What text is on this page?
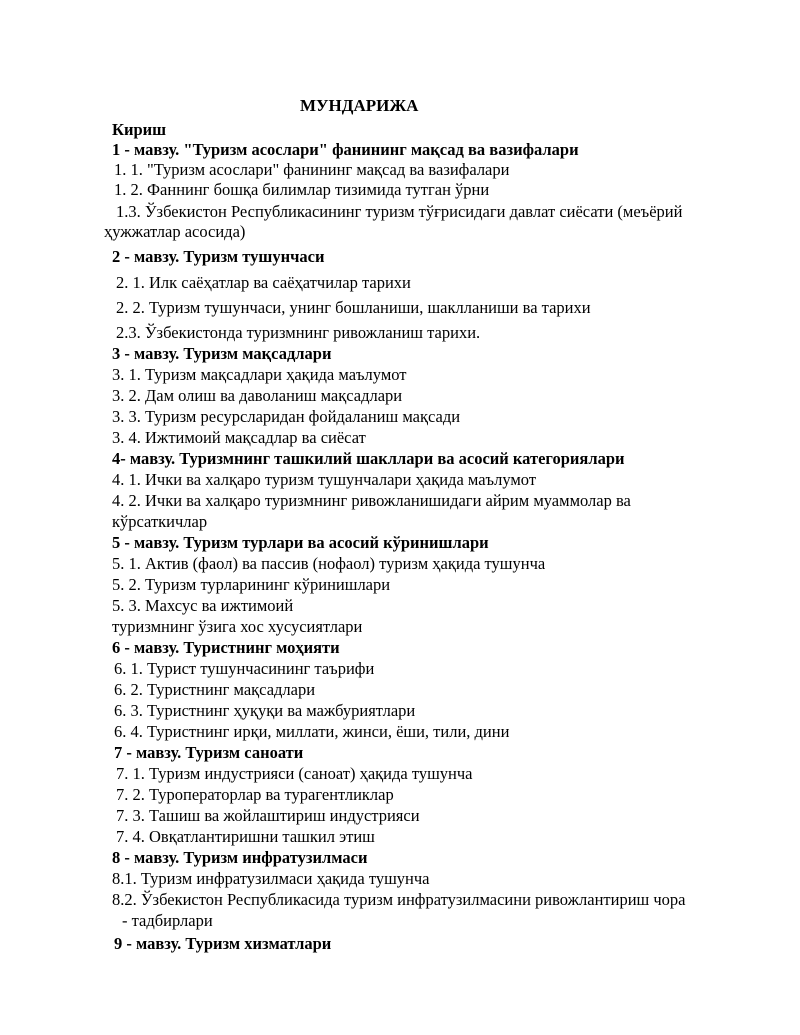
МУНДАРИЖА
Кириш
1 - мавзу. "Туризм асослари" фанининг мақсад ва вазифалари
1. 1. "Туризм асослари" фанининг мақсад ва вазифалари
1. 2. Фаннинг бошқа билимлар тизимида тутган ўрни
1.3. Ўзбекистон Республикасининг туризм тўғрисидаги давлат сиёсати (меъёрий
ҳужжатлар асосида)
2 - мавзу. Туризм тушунчаси
2. 1. Илк саёҳатлар ва саёҳатчилар тарихи
2. 2. Туризм тушунчаси, унинг бошланиши, шаклланиши ва тарихи
2.3. Ўзбекистонда туризмнинг ривожланиш тарихи.
3 - мавзу. Туризм мақсадлари
3. 1. Туризм мақсадлари ҳақида маълумот
3. 2. Дам олиш ва даволаниш мақсадлари
3. 3. Туризм ресурсларидан фойдаланиш мақсади
3. 4. Ижтимоий мақсадлар ва сиёсат
4- мавзу. Туризмнинг ташкилий шакллари ва асосий категориялари
4. 1. Ички ва халқаро туризм тушунчалари ҳақида маълумот
4. 2. Ички ва халқаро туризмнинг ривожланишидаги айрим муаммолар ва
кўрсаткичлар
5 - мавзу. Туризм турлари ва асосий кўринишлари
5. 1. Актив (фаол) ва пассив (нофаол) туризм ҳақида тушунча
5. 2. Туризм турларининг кўринишлари
5. 3. Махсус ва ижтимоий
туризмнинг ўзига хос хусусиятлари
6 - мавзу. Туристнинг моҳияти
6. 1. Турист тушунчасининг таърифи
6. 2. Туристнинг мақсадлари
6. 3. Туристнинг ҳуқуқи ва мажбуриятлари
6. 4. Туристнинг ирқи, миллати, жинси, ёши, тили, дини
7 - мавзу. Туризм саноати
7. 1. Туризм индустрияси (саноат) ҳақида тушунча
7. 2. Туроператорлар ва турагентликлар
7. 3. Ташиш ва жойлаштириш индустрияси
7. 4. Овқатлантиришни ташкил этиш
8 - мавзу. Туризм инфратузилмаси
8.1. Туризм инфратузилмаси ҳақида тушунча
8.2. Ўзбекистон Республикасида туризм инфратузилмасини ривожлантириш чора
- тадбирлари
9 - мавзу. Туризм хизматлари
